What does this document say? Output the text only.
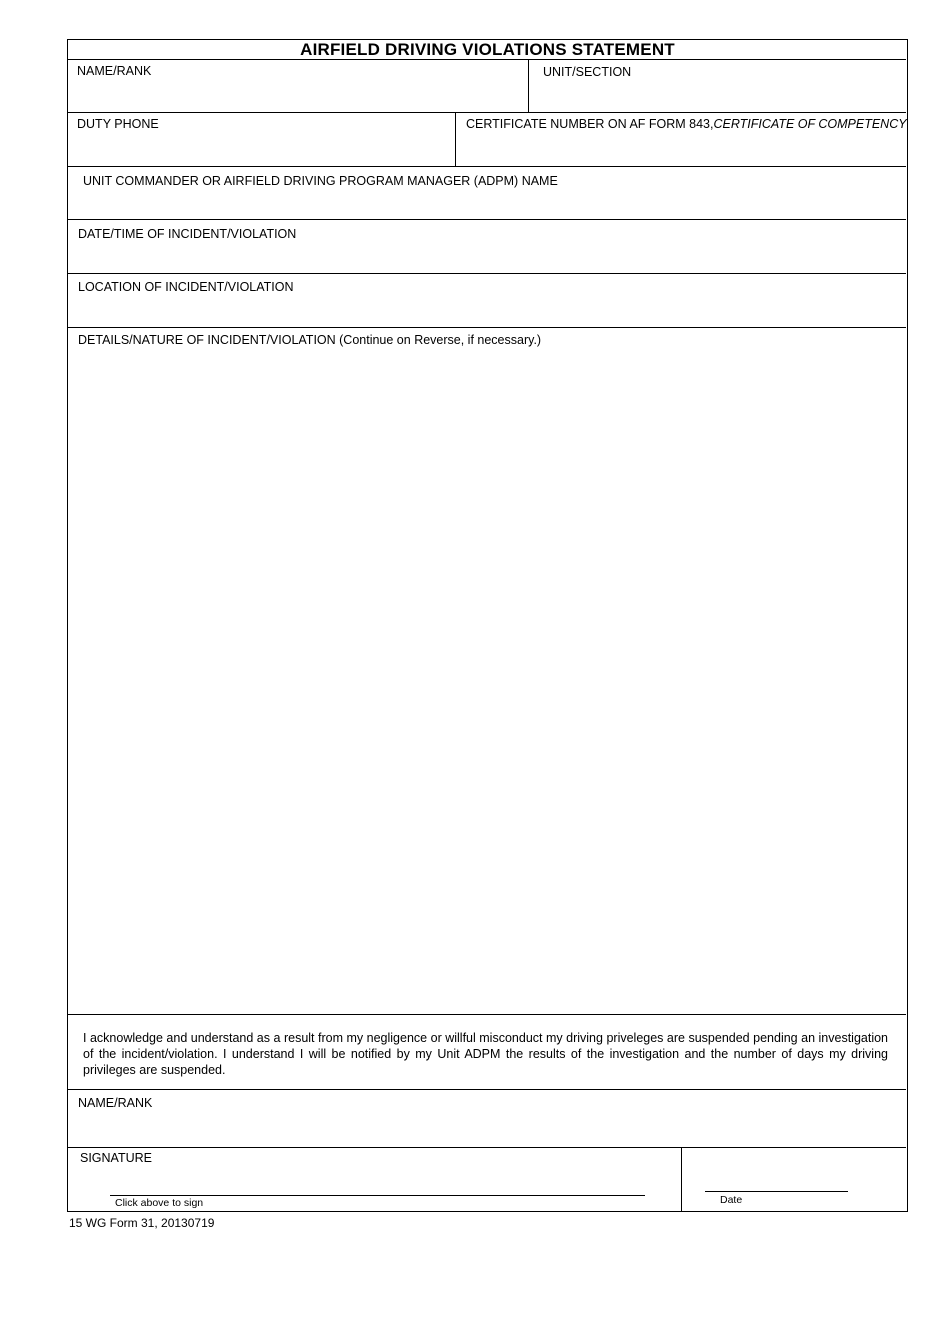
AIRFIELD DRIVING VIOLATIONS STATEMENT
NAME/RANK	UNIT/SECTION
DUTY PHONE	CERTIFICATE NUMBER ON AF FORM 843,CERTIFICATE OF COMPETENCY
UNIT COMMANDER OR AIRFIELD DRIVING PROGRAM MANAGER (ADPM) NAME
DATE/TIME OF INCIDENT/VIOLATION
LOCATION OF INCIDENT/VIOLATION
DETAILS/NATURE OF INCIDENT/VIOLATION (Continue on Reverse, if necessary.)
I acknowledge and understand as a result from my negligence or willful misconduct my driving priveleges are suspended pending an investigation of the incident/violation. I understand I will be notified by my Unit ADPM the results of the investigation and the number of days my driving privileges are suspended.
NAME/RANK
SIGNATURE
Click above to sign	Date
15 WG Form 31, 20130719
